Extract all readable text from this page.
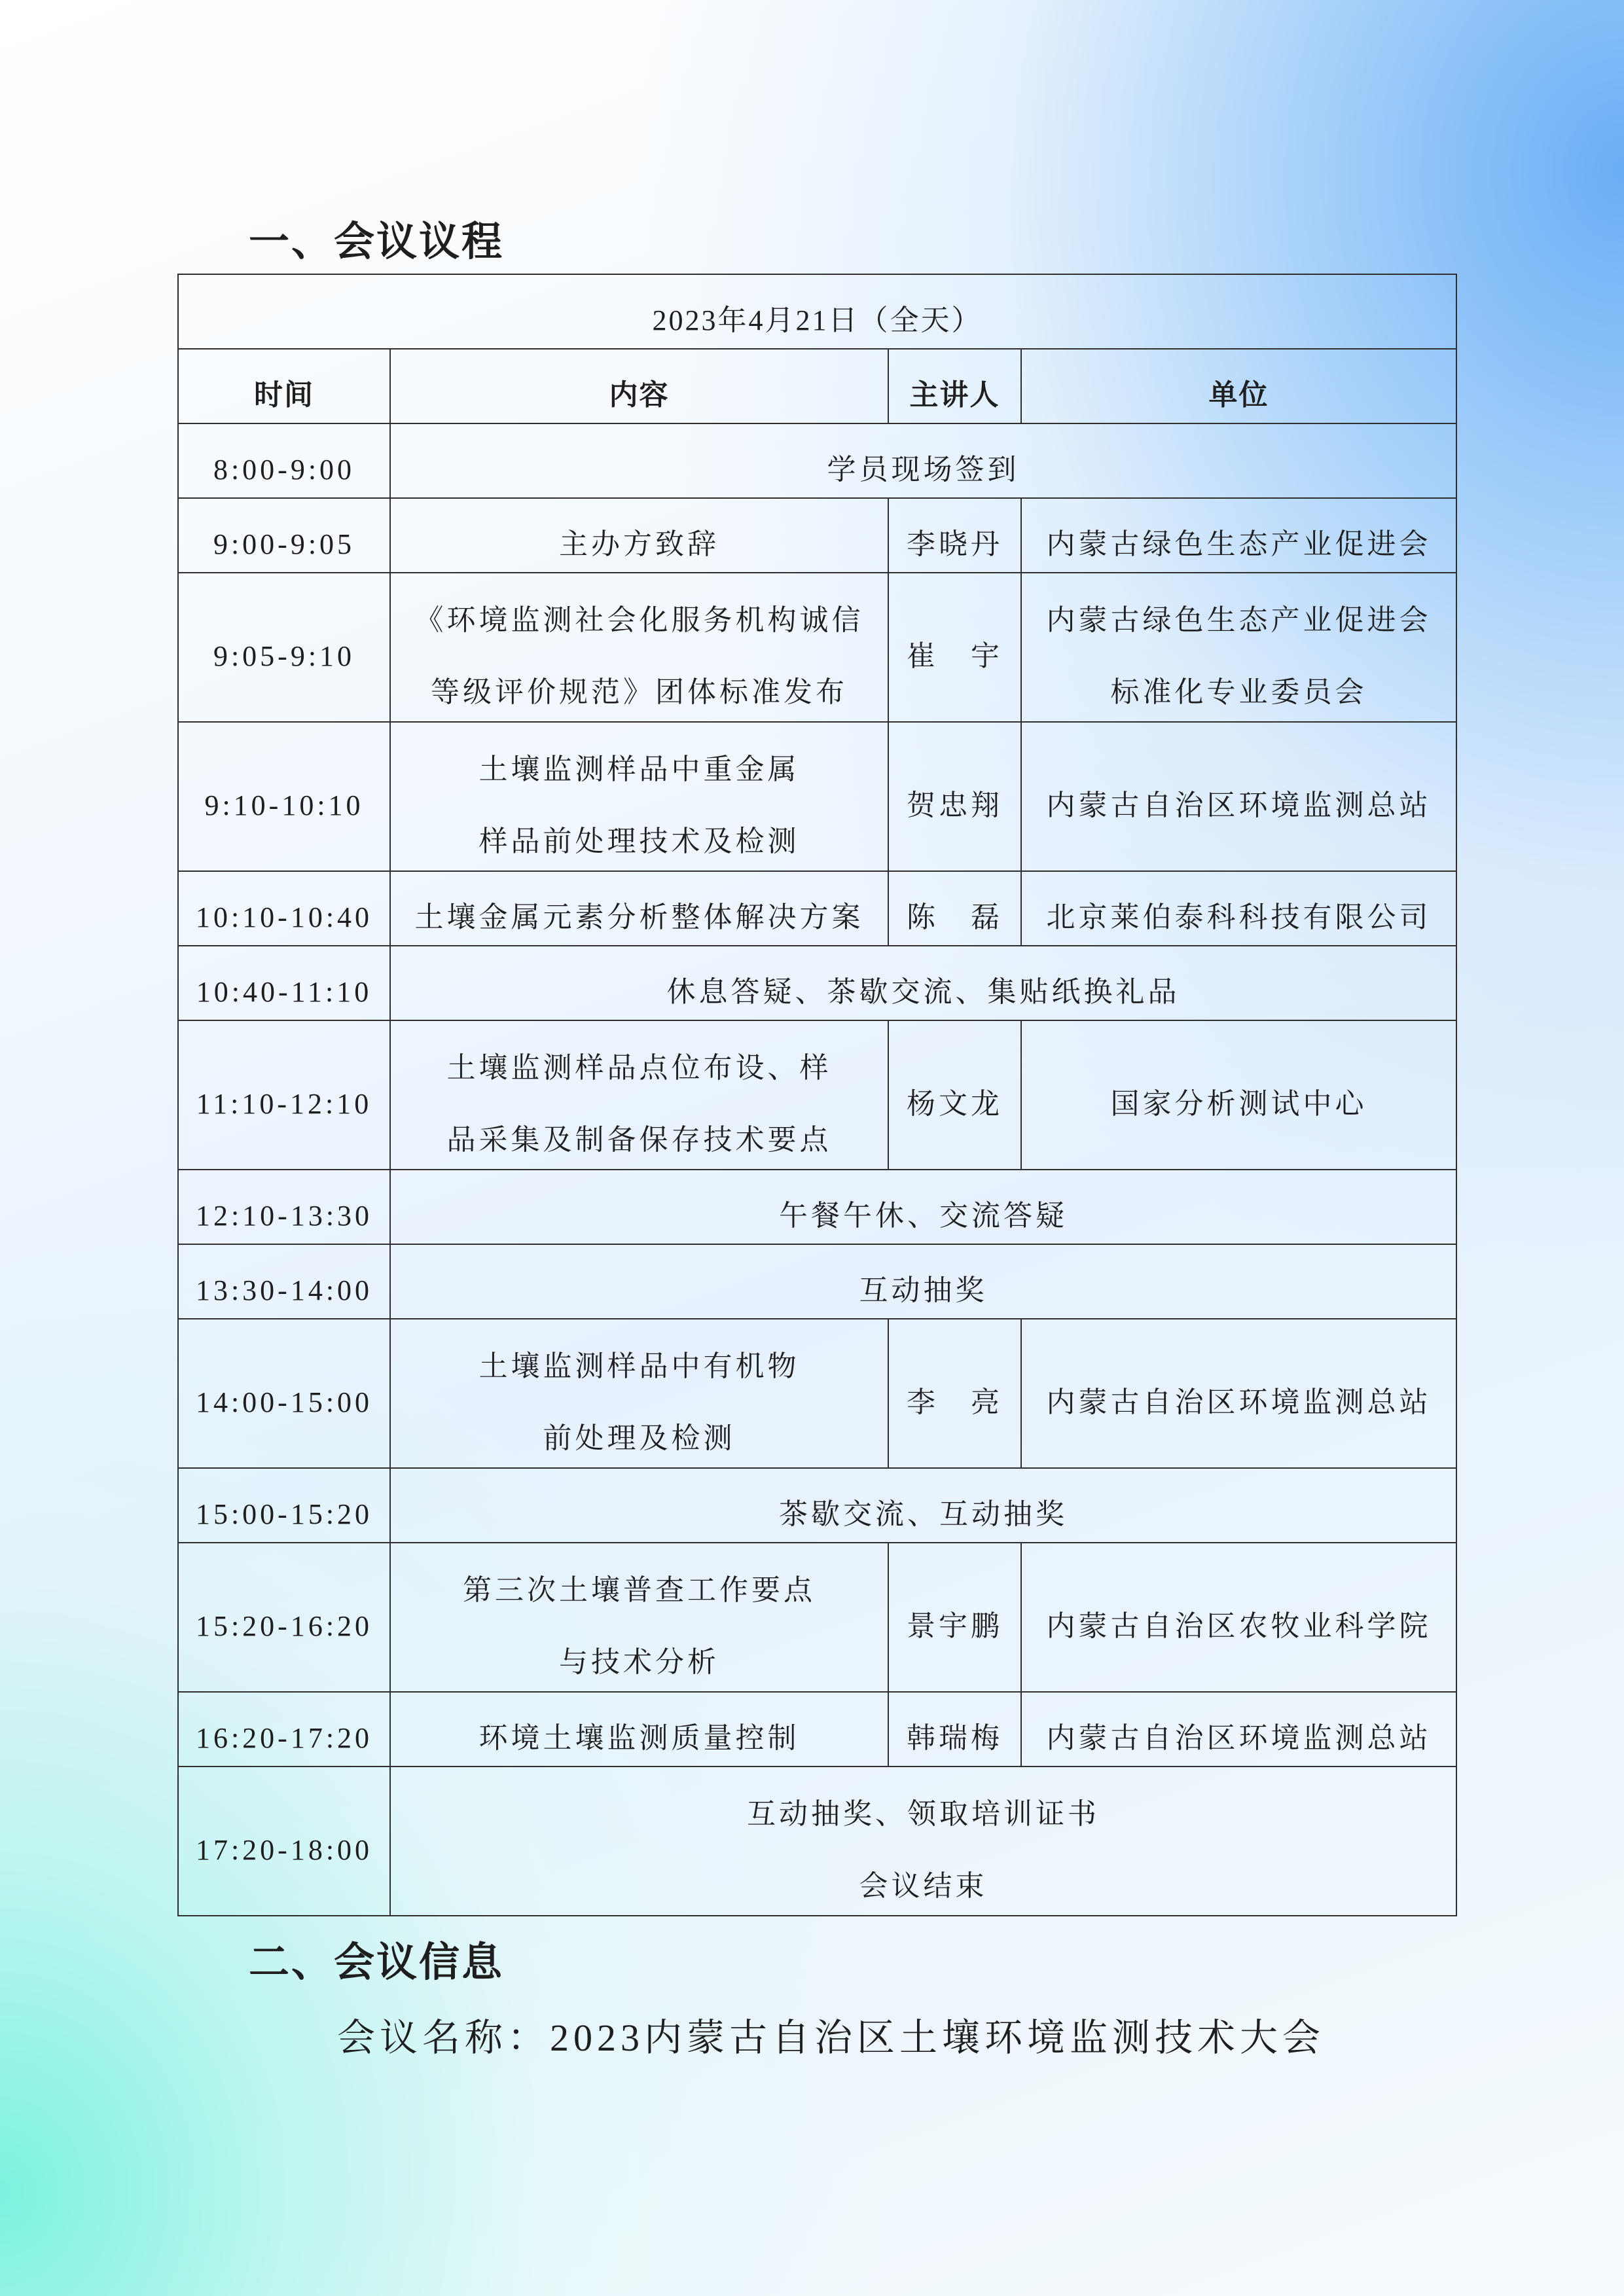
一、会议议程
2023年4月21日（全天）			

时间	内容	主讲人	单位

8:00-9:00	学员现场签到		

9:00-9:05	主办方致辞	李晓丹	内蒙古绿色生态产业促进会

9:05-9:10	《环境监测社会化服务机构诚信
等级评价规范》团体标准发布	崔　宇	内蒙古绿色生态产业促进会
标准化专业委员会

9:10-10:10	土壤监测样品中重金属
样品前处理技术及检测	贺忠翔	内蒙古自治区环境监测总站

10:10-10:40	土壤金属元素分析整体解决方案	陈　磊	北京莱伯泰科科技有限公司

10:40-11:10	休息答疑、茶歇交流、集贴纸换礼品		

11:10-12:10	土壤监测样品点位布设、样
品采集及制备保存技术要点	杨文龙	国家分析测试中心

12:10-13:30	午餐午休、交流答疑		

13:30-14:00	互动抽奖		

14:00-15:00	土壤监测样品中有机物
前处理及检测	李　亮	内蒙古自治区环境监测总站

15:00-15:20	茶歇交流、互动抽奖		

15:20-16:20	第三次土壤普查工作要点
与技术分析	景宇鹏	内蒙古自治区农牧业科学院

16:20-17:20	环境土壤监测质量控制	韩瑞梅	内蒙古自治区环境监测总站

17:20-18:00	互动抽奖、领取培训证书
会议结束		
二、会议信息
会议名称：2023内蒙古自治区土壤环境监测技术大会
